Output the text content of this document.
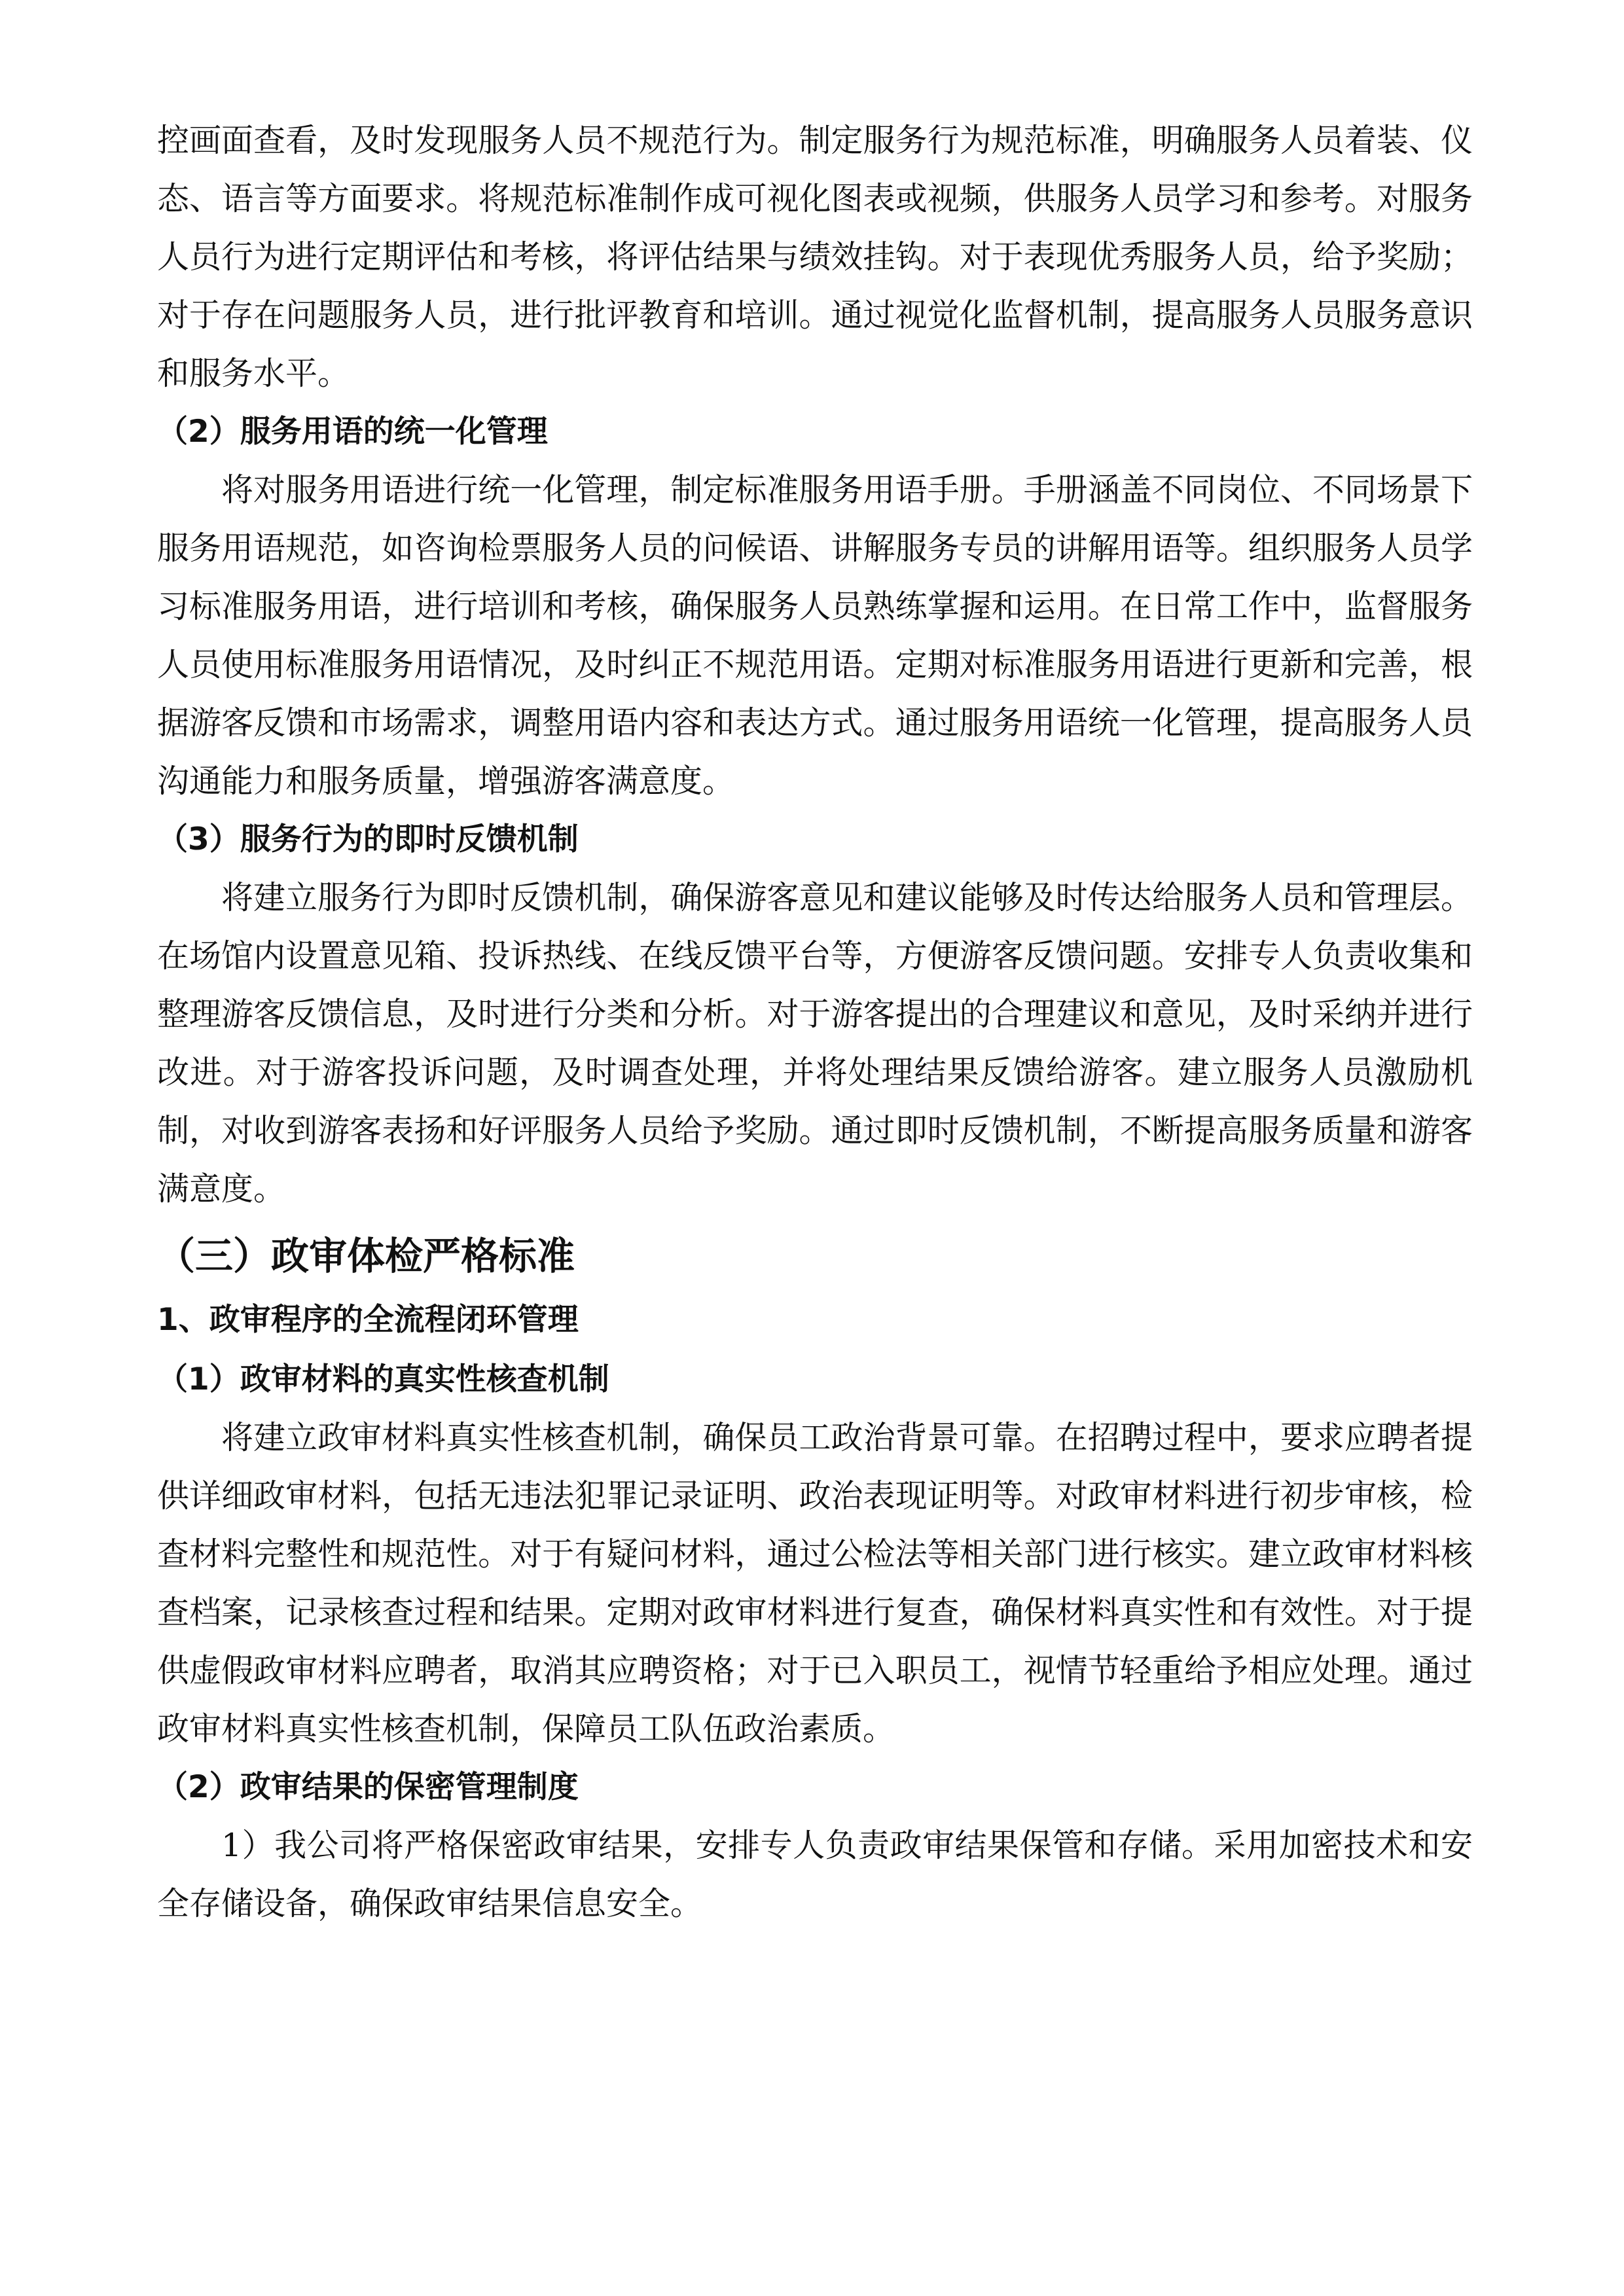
控画面查看，及时发现服务人员不规范行为。制定服务行为规范标准，明确服务人员着装、仪态、语言等方面要求。将规范标准制作成可视化图表或视频，供服务人员学习和参考。对服务人员行为进行定期评估和考核，将评估结果与绩效挂钩。对于表现优秀服务人员，给予奖励；对于存在问题服务人员，进行批评教育和培训。通过视觉化监督机制，提高服务人员服务意识和服务水平。

（2）服务用语的统一化管理

将对服务用语进行统一化管理，制定标准服务用语手册。手册涵盖不同岗位、不同场景下服务用语规范，如咨询检票服务人员的问候语、讲解服务专员的讲解用语等。组织服务人员学习标准服务用语，进行培训和考核，确保服务人员熟练掌握和运用。在日常工作中，监督服务人员使用标准服务用语情况，及时纠正不规范用语。定期对标准服务用语进行更新和完善，根据游客反馈和市场需求，调整用语内容和表达方式。通过服务用语统一化管理，提高服务人员沟通能力和服务质量，增强游客满意度。

（3）服务行为的即时反馈机制

将建立服务行为即时反馈机制，确保游客意见和建议能够及时传达给服务人员和管理层。在场馆内设置意见箱、投诉热线、在线反馈平台等，方便游客反馈问题。安排专人负责收集和整理游客反馈信息，及时进行分类和分析。对于游客提出的合理建议和意见，及时采纳并进行改进。对于游客投诉问题，及时调查处理，并将处理结果反馈给游客。建立服务人员激励机制，对收到游客表扬和好评服务人员给予奖励。通过即时反馈机制，不断提高服务质量和游客满意度。

（三）政审体检严格标准

1、政审程序的全流程闭环管理

（1）政审材料的真实性核查机制

将建立政审材料真实性核查机制，确保员工政治背景可靠。在招聘过程中，要求应聘者提供详细政审材料，包括无违法犯罪记录证明、政治表现证明等。对政审材料进行初步审核，检查材料完整性和规范性。对于有疑问材料，通过公检法等相关部门进行核实。建立政审材料核查档案，记录核查过程和结果。定期对政审材料进行复查，确保材料真实性和有效性。对于提供虚假政审材料应聘者，取消其应聘资格；对于已入职员工，视情节轻重给予相应处理。通过政审材料真实性核查机制，保障员工队伍政治素质。

（2）政审结果的保密管理制度

1）我公司将严格保密政审结果，安排专人负责政审结果保管和存储。采用加密技术和安全存储设备，确保政审结果信息安全。
